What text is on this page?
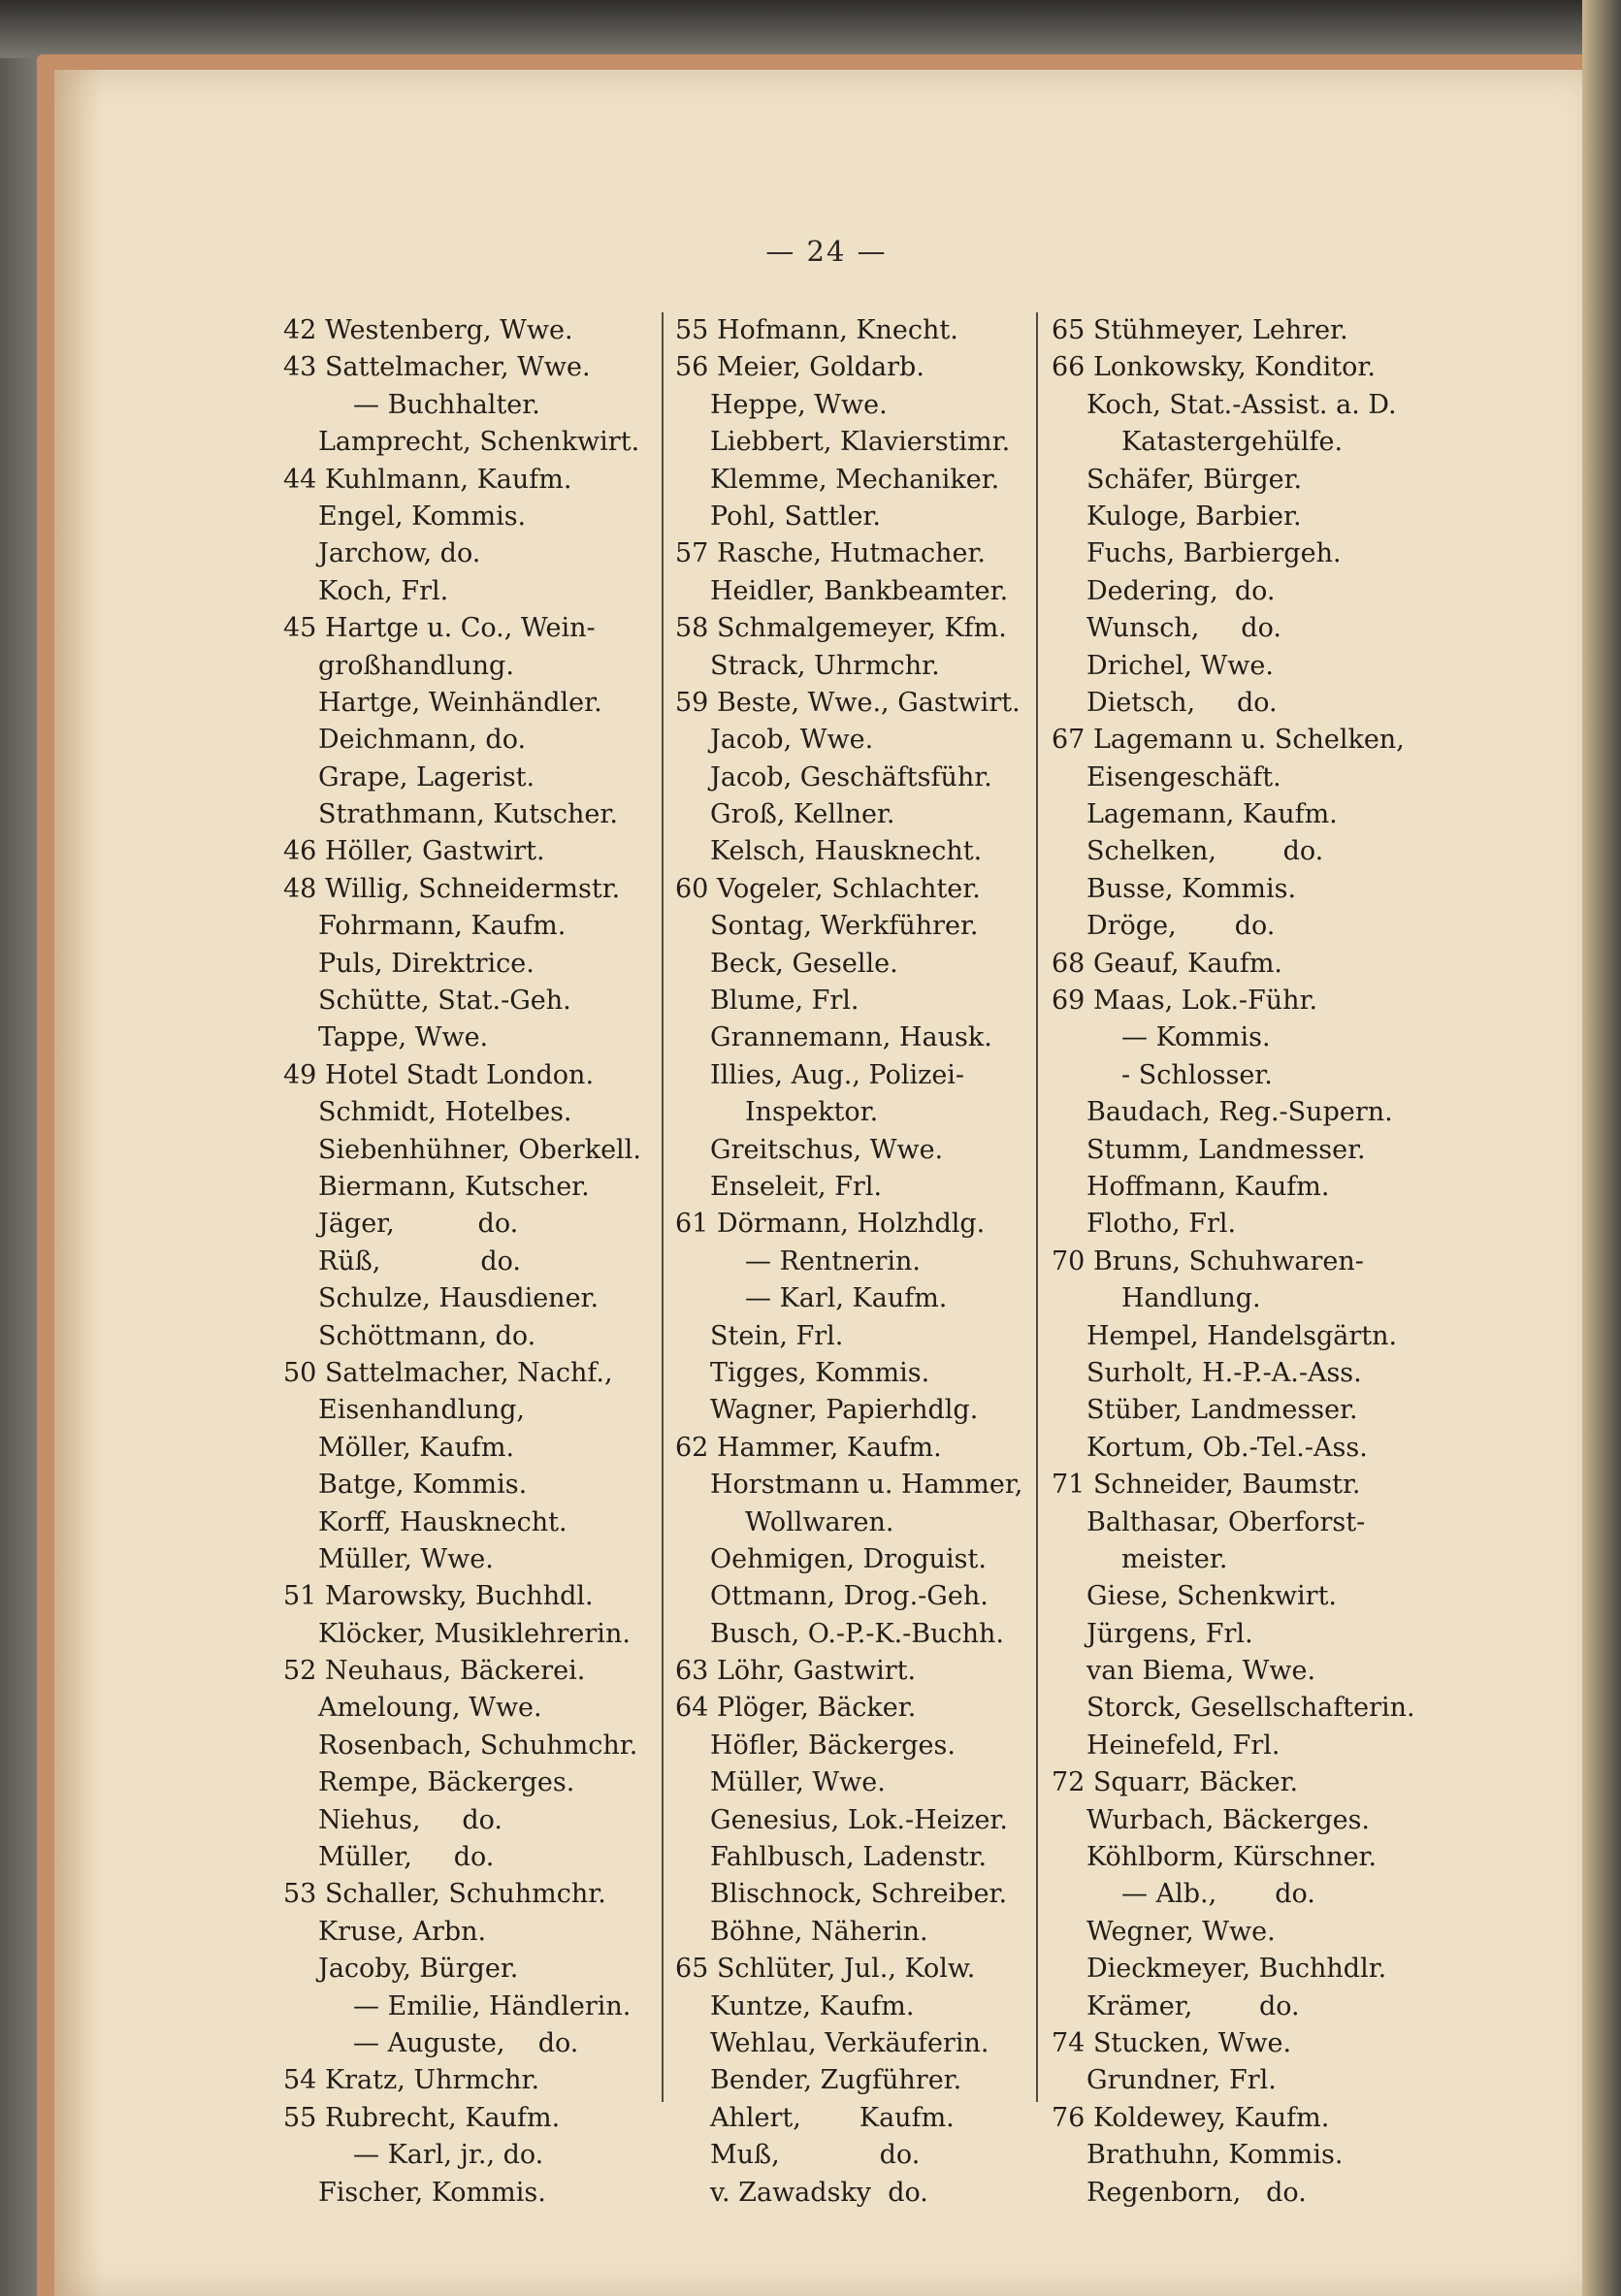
— 24 —
42 Westenberg, Wwe.
43 Sattelmacher, Wwe.
— Buchhalter.
Lamprecht, Schenkwirt.
44 Kuhlmann, Kaufm.
Engel, Kommis.
Jarchow, do.
Koch, Frl.
45 Hartge u. Co., Wein-
großhandlung.
Hartge, Weinhändler.
Deichmann, do.
Grape, Lagerist.
Strathmann, Kutscher.
46 Höller, Gastwirt.
48 Willig, Schneidermstr.
Fohrmann, Kaufm.
Puls, Direktrice.
Schütte, Stat.-Geh.
Tappe, Wwe.
49 Hotel Stadt London.
Schmidt, Hotelbes.
Siebenhühner, Oberkell.
Biermann, Kutscher.
Jäger,          do.
Rüß,            do.
Schulze, Hausdiener.
Schöttmann, do.
50 Sattelmacher, Nachf.,
Eisenhandlung,
Möller, Kaufm.
Batge, Kommis.
Korff, Hausknecht.
Müller, Wwe.
51 Marowsky, Buchhdl.
Klöcker, Musiklehrerin.
52 Neuhaus, Bäckerei.
Ameloung, Wwe.
Rosenbach, Schuhmchr.
Rempe, Bäckerges.
Niehus,     do.
Müller,     do.
53 Schaller, Schuhmchr.
Kruse, Arbn.
Jacoby, Bürger.
— Emilie, Händlerin.
— Auguste,    do.
54 Kratz, Uhrmchr.
55 Rubrecht, Kaufm.
— Karl, jr., do.
Fischer, Kommis.
55 Hofmann, Knecht.
56 Meier, Goldarb.
Heppe, Wwe.
Liebbert, Klavierstimr.
Klemme, Mechaniker.
Pohl, Sattler.
57 Rasche, Hutmacher.
Heidler, Bankbeamter.
58 Schmalgemeyer, Kfm.
Strack, Uhrmchr.
59 Beste, Wwe., Gastwirt.
Jacob, Wwe.
Jacob, Geschäftsführ.
Groß, Kellner.
Kelsch, Hausknecht.
60 Vogeler, Schlachter.
Sontag, Werkführer.
Beck, Geselle.
Blume, Frl.
Grannemann, Hausk.
Illies, Aug., Polizei-
Inspektor.
Greitschus, Wwe.
Enseleit, Frl.
61 Dörmann, Holzhdlg.
— Rentnerin.
— Karl, Kaufm.
Stein, Frl.
Tigges, Kommis.
Wagner, Papierhdlg.
62 Hammer, Kaufm.
Horstmann u. Hammer,
Wollwaren.
Oehmigen, Droguist.
Ottmann, Drog.-Geh.
Busch, O.-P.-K.-Buchh.
63 Löhr, Gastwirt.
64 Plöger, Bäcker.
Höfler, Bäckerges.
Müller, Wwe.
Genesius, Lok.-Heizer.
Fahlbusch, Ladenstr.
Blischnock, Schreiber.
Böhne, Näherin.
65 Schlüter, Jul., Kolw.
Kuntze, Kaufm.
Wehlau, Verkäuferin.
Bender, Zugführer.
Ahlert,       Kaufm.
Muß,            do.
v. Zawadsky  do.
65 Stühmeyer, Lehrer.
66 Lonkowsky, Konditor.
Koch, Stat.-Assist. a. D.
Katastergehülfe.
Schäfer, Bürger.
Kuloge, Barbier.
Fuchs, Barbiergeh.
Dedering,  do.
Wunsch,     do.
Drichel, Wwe.
Dietsch,     do.
67 Lagemann u. Schelken,
Eisengeschäft.
Lagemann, Kaufm.
Schelken,        do.
Busse, Kommis.
Dröge,       do.
68 Geauf, Kaufm.
69 Maas, Lok.-Führ.
— Kommis.
- Schlosser.
Baudach, Reg.-Supern.
Stumm, Landmesser.
Hoffmann, Kaufm.
Flotho, Frl.
70 Bruns, Schuhwaren-
Handlung.
Hempel, Handelsgärtn.
Surholt, H.-P.-A.-Ass.
Stüber, Landmesser.
Kortum, Ob.-Tel.-Ass.
71 Schneider, Baumstr.
Balthasar, Oberforst-
meister.
Giese, Schenkwirt.
Jürgens, Frl.
van Biema, Wwe.
Storck, Gesellschafterin.
Heinefeld, Frl.
72 Squarr, Bäcker.
Wurbach, Bäckerges.
Köhlborm, Kürschner.
— Alb.,       do.
Wegner, Wwe.
Dieckmeyer, Buchhdlr.
Krämer,        do.
74 Stucken, Wwe.
Grundner, Frl.
76 Koldewey, Kaufm.
Brathuhn, Kommis.
Regenborn,   do.
